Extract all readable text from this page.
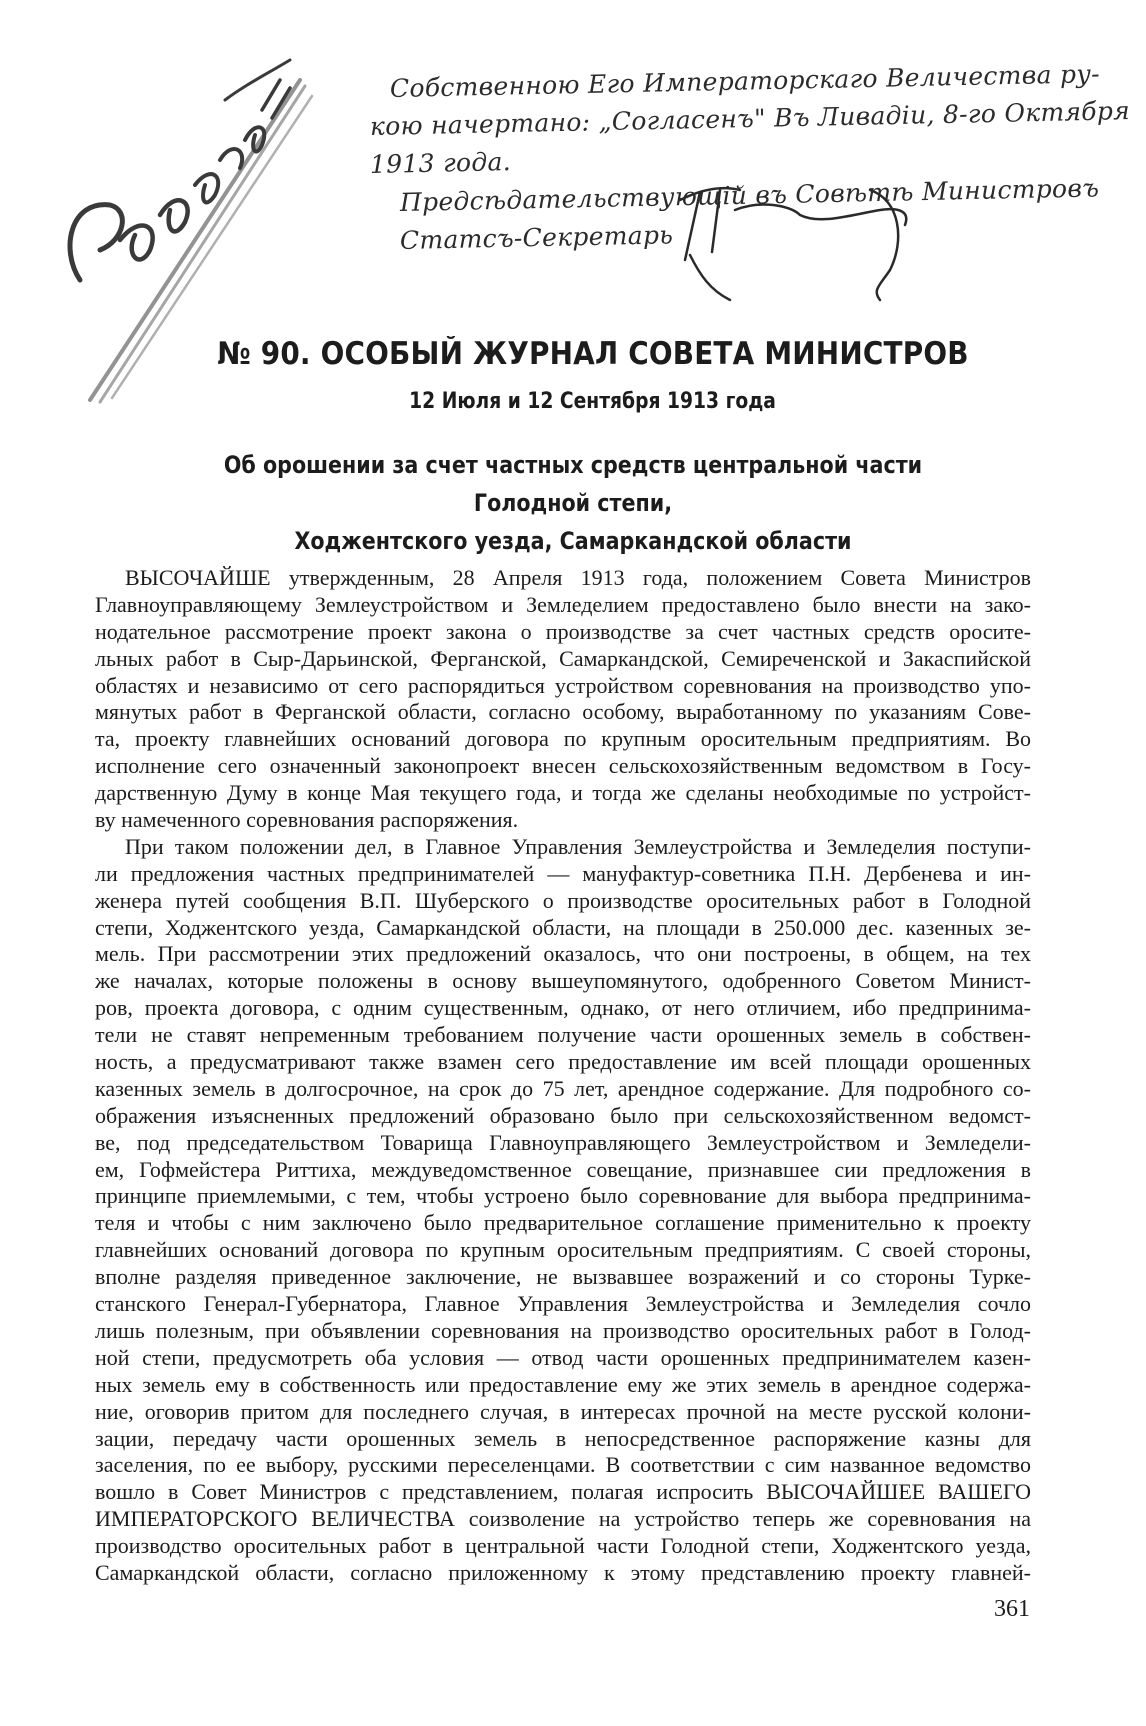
Собственною Его Императорскаго Величества ру-
кою начертано: „Согласенъ" Въ Ливадiи, 8-го Октября
1913 года.
Предсѣдательствующiй въ Совѣтѣ Министровъ
Статсъ-Секретарь
№ 90. ОСОБЫЙ ЖУРНАЛ СОВЕТА МИНИСТРОВ
12 Июля и 12 Сентября 1913 года
Об орошении за счет частных средств центральной части Голодной степи,
Ходжентского уезда, Самаркандской области
ВЫСОЧАЙШЕ утвержденным, 28 Апреля 1913 года, положением Совета Министров
Главноуправляющему Землеустройством и Земледелием предоставлено было внести на зако-
нодательное рассмотрение проект закона о производстве за счет частных средств оросите-
льных работ в Сыр-Дарьинской, Ферганской, Самаркандской, Семиреченской и Закаспийской
областях и независимо от сего распорядиться устройством соревнования на производство упо-
мянутых работ в Ферганской области, согласно особому, выработанному по указаниям Сове-
та, проекту главнейших оснований договора по крупным оросительным предприятиям. Во
исполнение сего означенный законопроект внесен сельскохозяйственным ведомством в Госу-
дарственную Думу в конце Мая текущего года, и тогда же сделаны необходимые по устройст-
ву намеченного соревнования распоряжения.
При таком положении дел, в Главное Управления Землеустройства и Земледелия поступи-
ли предложения частных предпринимателей — мануфактур-советника П.Н. Дербенева и ин-
женера путей сообщения В.П. Шуберского о производстве оросительных работ в Голодной
степи, Ходжентского уезда, Самаркандской области, на площади в 250.000 дес. казенных зе-
мель. При рассмотрении этих предложений оказалось, что они построены, в общем, на тех
же началах, которые положены в основу вышеупомянутого, одобренного Советом Минист-
ров, проекта договора, с одним существенным, однако, от него отличием, ибо предпринима-
тели не ставят непременным требованием получение части орошенных земель в собствен-
ность, а предусматривают также взамен сего предоставление им всей площади орошенных
казенных земель в долгосрочное, на срок до 75 лет, арендное содержание. Для подробного со-
ображения изъясненных предложений образовано было при сельскохозяйственном ведомст-
ве, под председательством Товарища Главноуправляющего Землеустройством и Земледели-
ем, Гофмейстера Риттиха, междуведомственное совещание, признавшее сии предложения в
принципе приемлемыми, с тем, чтобы устроено было соревнование для выбора предпринима-
теля и чтобы с ним заключено было предварительное соглашение применительно к проекту
главнейших оснований договора по крупным оросительным предприятиям. С своей стороны,
вполне разделяя приведенное заключение, не вызвавшее возражений и со стороны Турке-
станского Генерал-Губернатора, Главное Управления Землеустройства и Земледелия сочло
лишь полезным, при объявлении соревнования на производство оросительных работ в Голод-
ной степи, предусмотреть оба условия — отвод части орошенных предпринимателем казен-
ных земель ему в собственность или предоставление ему же этих земель в арендное содержа-
ние, оговорив притом для последнего случая, в интересах прочной на месте русской колони-
зации, передачу части орошенных земель в непосредственное распоряжение казны для
заселения, по ее выбору, русскими переселенцами. В соответствии с сим названное ведомство
вошло в Совет Министров с представлением, полагая испросить ВЫСОЧАЙШЕЕ ВАШЕГО
ИМПЕРАТОРСКОГО ВЕЛИЧЕСТВА соизволение на устройство теперь же соревнования на
производство оросительных работ в центральной части Голодной степи, Ходжентского уезда,
Самаркандской области, согласно приложенному к этому представлению проекту главней-
361
